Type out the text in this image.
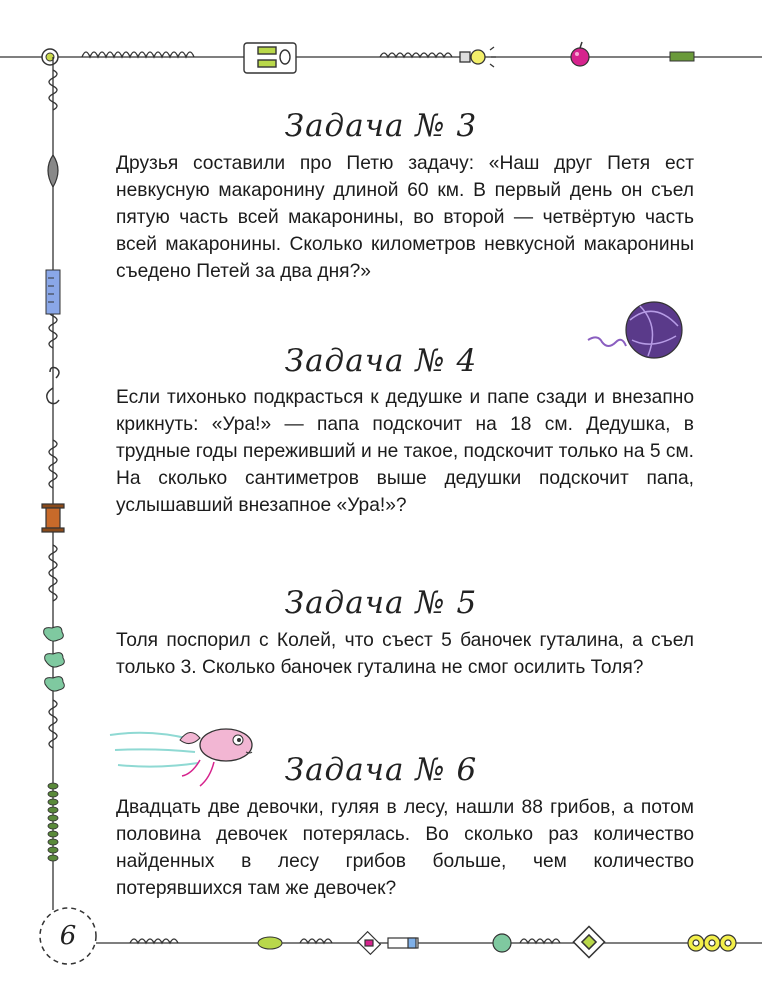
Задача № 3

Друзья составили про Петю задачу: «Наш друг Петя ест невкусную макаронину длиной 60 км. В первый день он съел пятую часть всей макаронины, во второй — четвёртую часть всей макаронины. Сколько километров невкусной макаронины съедено Петей за два дня?»

Задача № 4

Если тихонько подкрасться к дедушке и папе сзади и внезапно крикнуть: «Ура!» — папа подскочит на 18 см. Дедушка, в трудные годы переживший и не такое, подскочит только на 5 см. На сколько сантиметров выше дедушки подскочит папа, услышавший внезапное «Ура!»?

Задача № 5

Толя поспорил с Колей, что съест 5 баночек гуталина, а съел только 3. Сколько баночек гуталина не смог осилить Толя?

Задача № 6

Двадцать две девочки, гуляя в лесу, нашли 88 грибов, а потом половина девочек потерялась. Во сколько раз количество найденных в лесу грибов больше, чем количество потерявшихся там же девочек?

6
